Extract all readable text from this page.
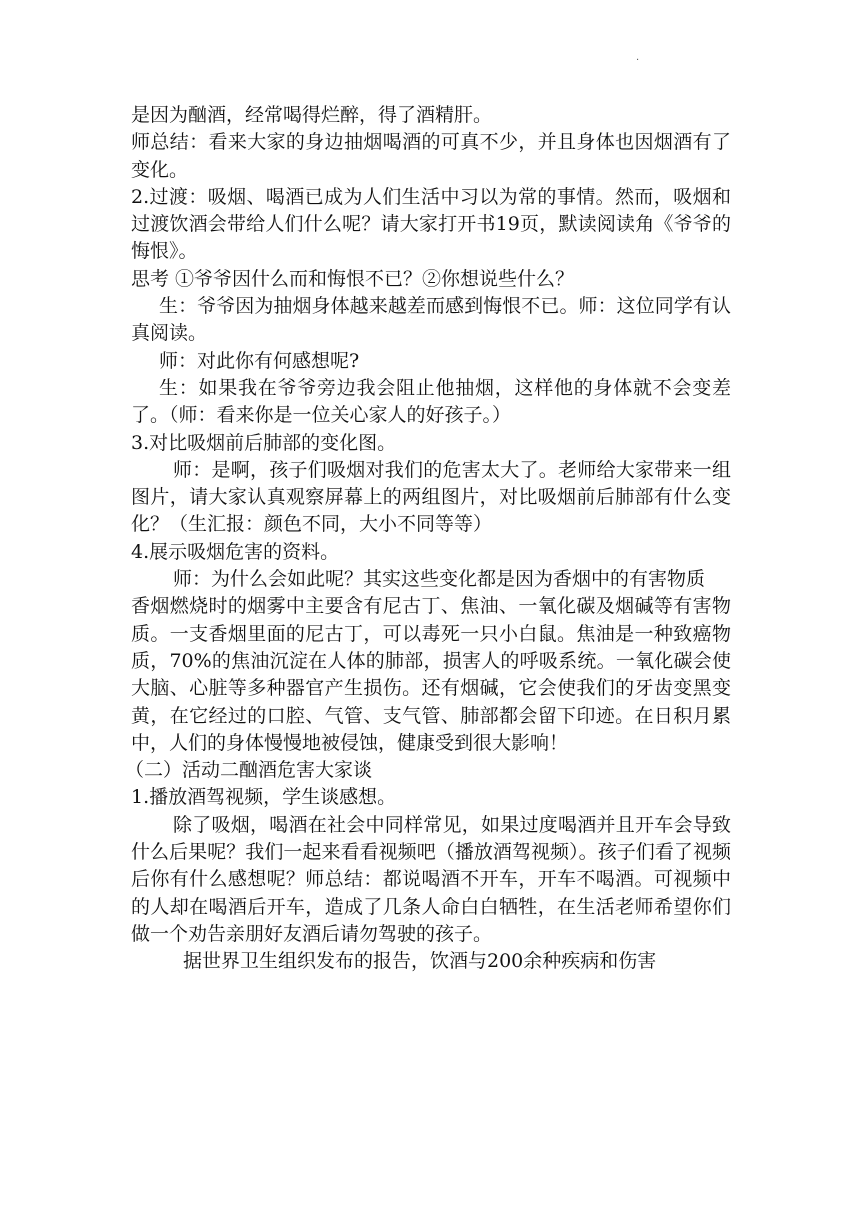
.

是因为酗酒，经常喝得烂醉，得了酒精肝。

师总结：看来大家的身边抽烟喝酒的可真不少，并且身体也因烟酒有了变化。

2.过渡：吸烟、喝酒已成为人们生活中习以为常的事情。然而，吸烟和过渡饮酒会带给人们什么呢？请大家打开书19页，默读阅读角《爷爷的悔恨》。

思考 ①爷爷因什么而和悔恨不已？②你想说些什么？

生：爷爷因为抽烟身体越来越差而感到悔恨不已。师：这位同学有认真阅读。

师：对此你有何感想呢?

生：如果我在爷爷旁边我会阻止他抽烟，这样他的身体就不会变差了。（师：看来你是一位关心家人的好孩子。）

3.对比吸烟前后肺部的变化图。

师：是啊，孩子们吸烟对我们的危害太大了。老师给大家带来一组图片，请大家认真观察屏幕上的两组图片，对比吸烟前后肺部有什么变化？（生汇报：颜色不同，大小不同等等）

4.展示吸烟危害的资料。

师：为什么会如此呢？其实这些变化都是因为香烟中的有害物质

香烟燃烧时的烟雾中主要含有尼古丁、焦油、一氧化碳及烟碱等有害物质。一支香烟里面的尼古丁，可以毒死一只小白鼠。焦油是一种致癌物质，70%的焦油沉淀在人体的肺部，损害人的呼吸系统。一氧化碳会使大脑、心脏等多种器官产生损伤。还有烟碱，它会使我们的牙齿变黑变黄，在它经过的口腔、气管、支气管、肺部都会留下印迹。在日积月累中，人们的身体慢慢地被侵蚀，健康受到很大影响！

（二）活动二酗酒危害大家谈

1.播放酒驾视频，学生谈感想。

除了吸烟，喝酒在社会中同样常见，如果过度喝酒并且开车会导致什么后果呢？我们一起来看看视频吧（播放酒驾视频）。孩子们看了视频后你有什么感想呢？师总结：都说喝酒不开车，开车不喝酒。可视频中的人却在喝酒后开车，造成了几条人命白白牺牲，在生活老师希望你们做一个劝告亲朋好友酒后请勿驾驶的孩子。

据世界卫生组织发布的报告，饮酒与200余种疾病和伤害
